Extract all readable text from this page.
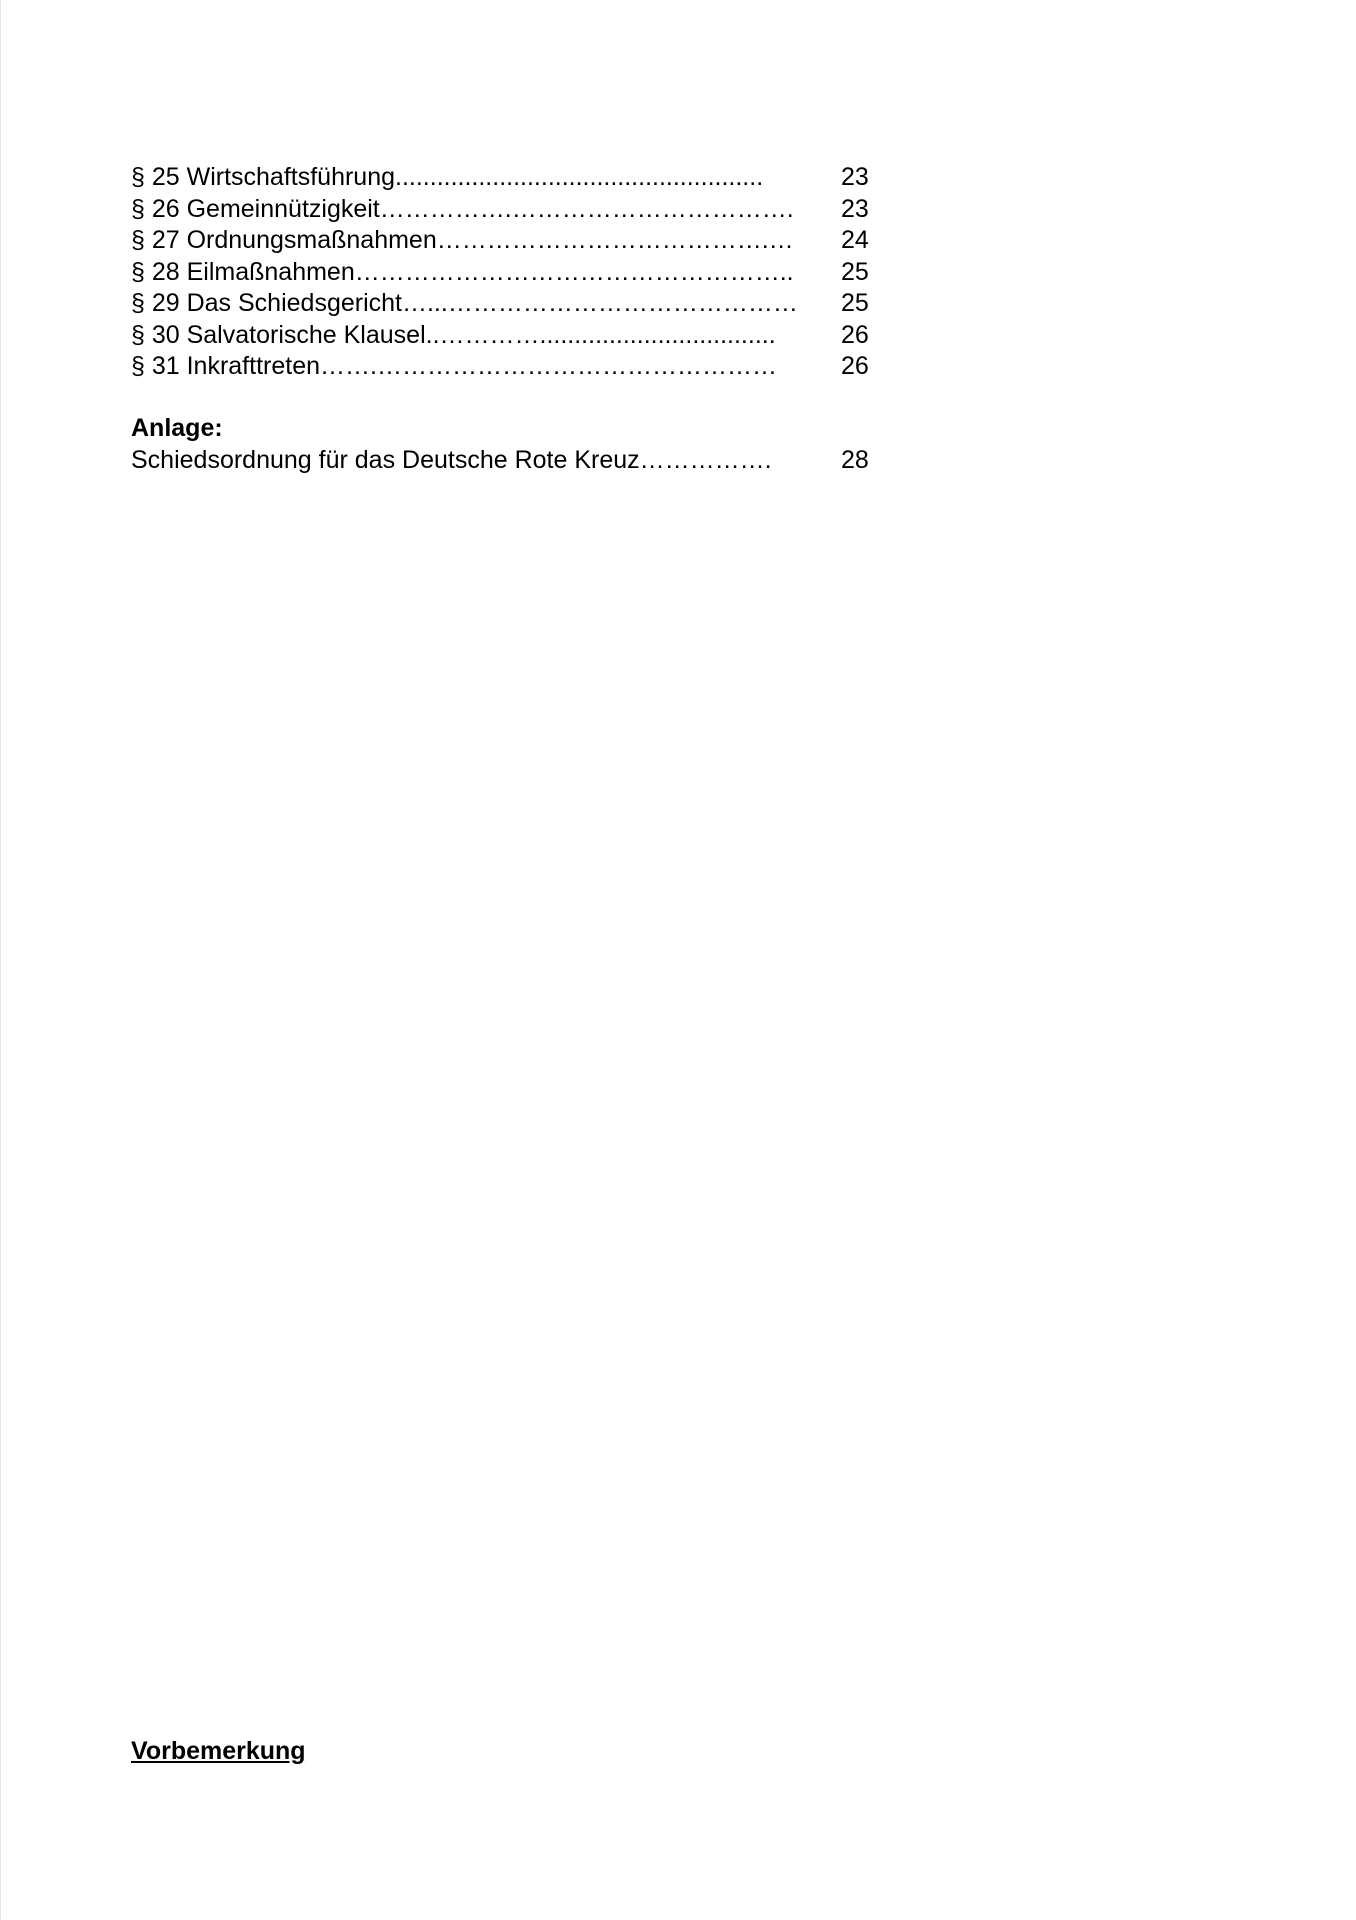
§ 25 Wirtschaftsführung.....................................................	23
§ 26 Gemeinnützigkeit…………….……………………………. 23
§ 27 Ordnungsmaßnahmen………………………………….… 24
§ 28 Eilmaßnahmen…………………………………………….. 25
§ 29 Das Schiedsgericht…...…………………………………… 25
§ 30 Salvatorische Klausel..…………..................................	26
§ 31 Inkrafttreten…….…………………………………………	26
Anlage:
Schiedsordnung für das Deutsche Rote Kreuz…………….	28
Vorbemerkung
